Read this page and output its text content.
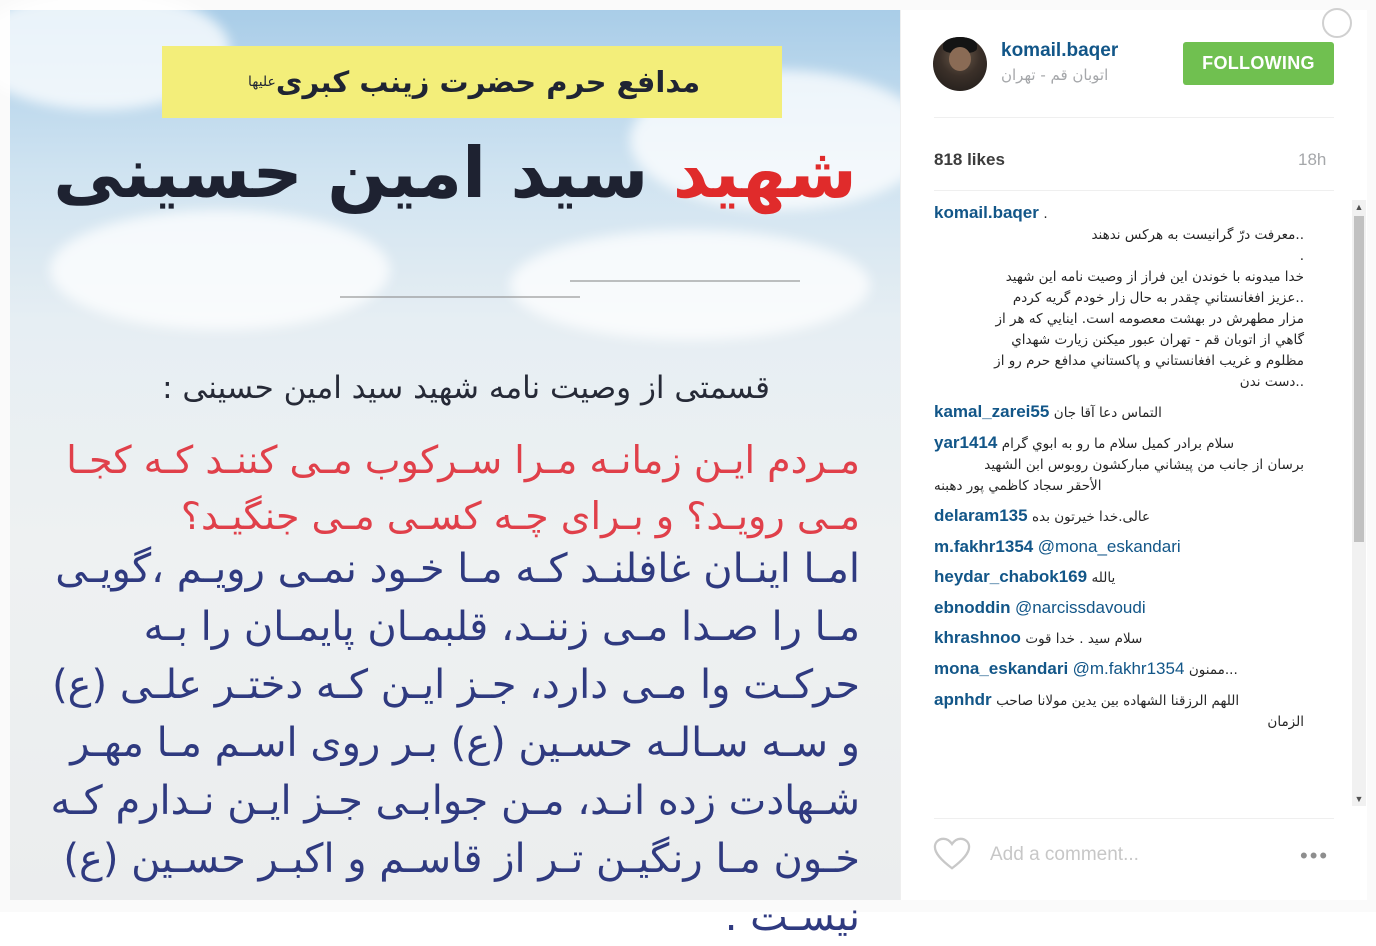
مدافع حرم حضرت زینب کبری
علیها
شهید سید امین حسینی
قسمتی از وصیت نامه شهید سید امین حسینی :
مـردم ایـن زمانـه مـرا سـرکوب مـی کننـد کـه کجـا مـی رویـد؟ و بـرای چـه کسـی مـی جنگیـد؟
امـا اینـان غافلنـد کـه مـا خـود نمـی رویـم ،گویـی مـا را صـدا مـی زننـد، قلبمـان پایمـان را بـه حرکـت وا مـی دارد، جـز ایـن کـه دختـر علـی (ع) و سـه سـالـه حسـین (ع) بـر روی اسـم مـا مهـر شـهادت زده انـد، مـن جوابـی جـز ایـن نـدارم کـه خـون مـا رنگیـن تـر از قاسـم و اکبـر حسـین (ع) نیسـت .
komail.baqer
اتوبان قم - تهران
FOLLOWING
818 likes	18h
komail.baqer .
..معرفت درّ گرانیست به هرکس ندهند
.
خدا میدونه با خوندن این فراز از وصیت نامه این شهید
..عزیز افغانستاني چقدر به حال زار خودم گریه کردم
مزار مطهرش در بهشت معصومه است. اینایي که هر از
گاهي از اتوبان قم - تهران عبور میکنن زیارت شهداي
مظلوم و غریب افغانستاني و پاکستاني مدافع حرم رو از
..دست ندن
kamal_zarei55 التماس دعا آقا جان
yar1414 سلام برادر كميل سلام ما رو به ابوي گرام
برسان از جانب من پیشاني مباركشون روبوس ابن الشهيد
الأحقر سجاد كاظمي پور دهبنه
delaram135 عالی.خدا خیرتون بده
m.fakhr1354 @mona_eskandari
heydar_chabok169 يالله
ebnoddin @narcissdavoudi
khrashnoo سلام سید . خدا قوت
mona_eskandari @m.fakhr1354 ممنون...
apnhdr اللهم الرزقنا الشهاده بین یدین مولانا صاحب
الزمان
▲
▼
Add a comment...
•••
